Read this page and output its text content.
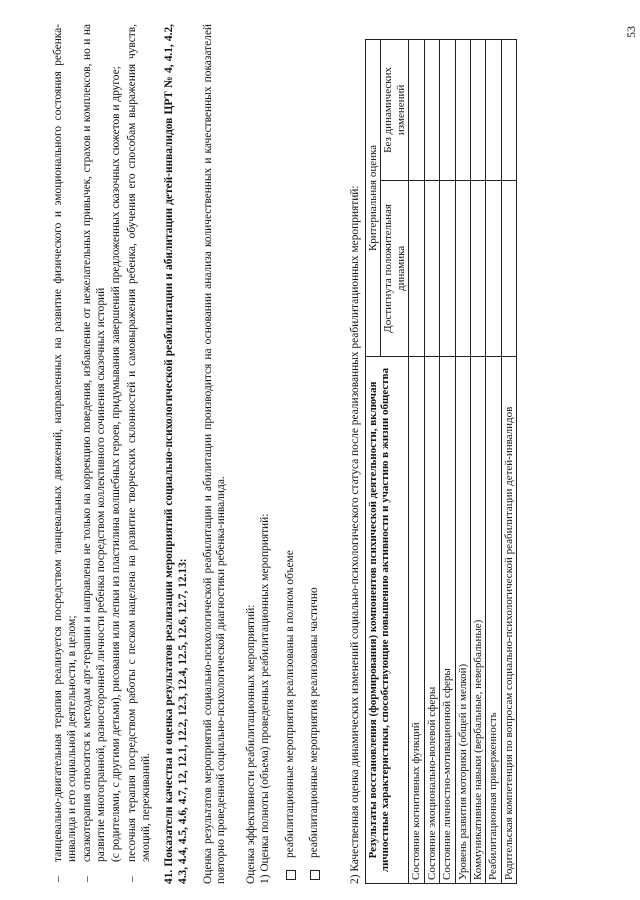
53

–
танцевально-двигательная терапия реализуется посредством танцевальных движений, направленных на развитие физического и эмоционального состояния ребенка-инвалида и его социальной деятельности, в целом;

–
сказкотерапия относится к методам арт-терапии и направлена не только на коррекцию поведения, избавление от нежелательных привычек, страхов и комплексов, но и на развитие многогранной, разносторонней личности ребенка посредством коллективного сочинения сказочных историй (с родителями, с другими детьми), рисования или лепки из пластилина волшебных героев, придумывания завершений предложенных сказочных сюжетов и другое;

–
песочная терапия посредством работы с песком нацелена на развитие творческих склонностей и самовыражения ребенка, обучения его способам выражения чувств, эмоций, переживаний. 41. Показатели качества и оценка результатов реализации мероприятий социально-психологической реабилитации и абилитации детей-инвалидов ЦРТ № 4, 4.1, 4.2, 4.3, 4.4, 4.5, 4.6, 4.7, 12, 12.1, 12.2, 12.3, 12.4, 12.5, 12.6, 12.7, 12.13: Оценка результатов мероприятий социально-психологической реабилитации и абилитации производится на основании анализа количественных и качественных показателей повторно проведенной социально-психологической диагностики ребенка-инвалида. Оценка эффективности реабилитационных мероприятий: 1) Оценка полноты (объема) проведенных реабилитационных мероприятий: реабилитационные мероприятия реализованы в полном объеме реабилитационные мероприятия реализованы частично	2) Качественная оценка динамических изменений социально-психологического статуса после реализованных реабилитационных мероприятий: Результаты восстановления (формирования) компонентов психической деятельности, включая личностные характеристики, способствующие повышению активности и участию в жизни общества	Критериальная оценка	
	Достигнута положительная динамика	Без динамических изменений
Состояние когнитивных функций		
Состояние эмоционально-волевой сферы		
Состояние личностно-мотивационной сферы		
Уровень развития моторики (общей и мелкой)		
Коммуникативные навыки (вербальные, невербальные)		
Реабилитационная приверженность		
Родительская компетенция по вопросам социально-психологической реабилитации детей-инвалидов		
